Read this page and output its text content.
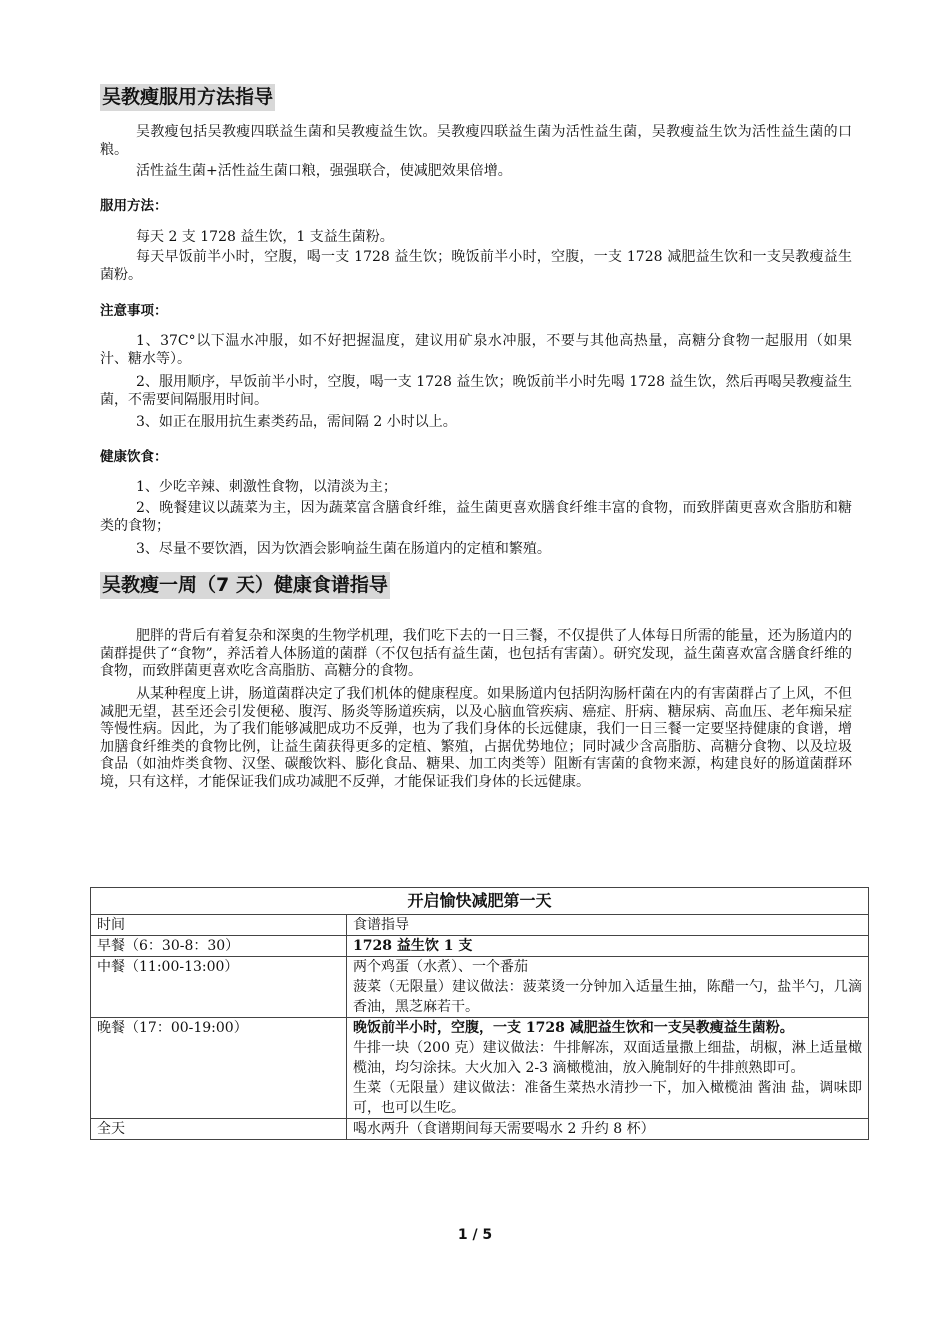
吴教瘦服用方法指导

吴教瘦包括吴教瘦四联益生菌和吴教瘦益生饮。吴教瘦四联益生菌为活性益生菌，吴教瘦益生饮为活性益生菌的口粮。

活性益生菌+活性益生菌口粮，强强联合，使减肥效果倍增。

服用方法：

每天 2 支 1728 益生饮，1 支益生菌粉。

每天早饭前半小时，空腹，喝一支 1728 益生饮；晚饭前半小时，空腹，一支 1728 减肥益生饮和一支吴教瘦益生菌粉。

注意事项：

1、37C°以下温水冲服，如不好把握温度，建议用矿泉水冲服，不要与其他高热量，高糖分食物一起服用（如果汁、糖水等）。

2、服用顺序，早饭前半小时，空腹，喝一支 1728 益生饮；晚饭前半小时先喝 1728 益生饮，然后再喝吴教瘦益生菌，不需要间隔服用时间。

3、如正在服用抗生素类药品，需间隔 2 小时以上。

健康饮食：

1、少吃辛辣、刺激性食物，以清淡为主；

2、晚餐建议以蔬菜为主，因为蔬菜富含膳食纤维，益生菌更喜欢膳食纤维丰富的食物，而致胖菌更喜欢含脂肪和糖类的食物；

3、尽量不要饮酒，因为饮酒会影响益生菌在肠道内的定植和繁殖。

吴教瘦一周（7 天）健康食谱指导

肥胖的背后有着复杂和深奥的生物学机理，我们吃下去的一日三餐，不仅提供了人体每日所需的能量，还为肠道内的菌群提供了“食物”，养活着人体肠道的菌群（不仅包括有益生菌，也包括有害菌）。研究发现，益生菌喜欢富含膳食纤维的食物，而致胖菌更喜欢吃含高脂肪、高糖分的食物。

从某种程度上讲，肠道菌群决定了我们机体的健康程度。如果肠道内包括阴沟肠杆菌在内的有害菌群占了上风，不但减肥无望，甚至还会引发便秘、腹泻、肠炎等肠道疾病，以及心脑血管疾病、癌症、肝病、糖尿病、高血压、老年痴呆症等慢性病。因此，为了我们能够减肥成功不反弹，也为了我们身体的长远健康，我们一日三餐一定要坚持健康的食谱，增加膳食纤维类的食物比例，让益生菌获得更多的定植、繁殖，占据优势地位；同时减少含高脂肪、高糖分食物、以及垃圾食品（如油炸类食物、汉堡、碳酸饮料、膨化食品、糖果、加工肉类等）阻断有害菌的食物来源，构建良好的肠道菌群环境，只有这样，才能保证我们成功减肥不反弹，才能保证我们身体的长远健康。

开启愉快减肥第一天	
时间	食谱指导
早餐（6：30-8：30）	1728 益生饮 1 支
中餐（11:00-13:00）	两个鸡蛋（水煮）、一个番茄

菠菜（无限量）建议做法：菠菜烫一分钟加入适量生抽，陈醋一勺，盐半勺，几滴香油，黑芝麻若干。

晚餐（17：00-19:00）	晚饭前半小时，空腹，一支 1728 减肥益生饮和一支吴教瘦益生菌粉。

牛排一块（200 克）建议做法：牛排解冻，双面适量撒上细盐，胡椒，淋上适量橄榄油，均匀涂抹。大火加入 2-3 滴橄榄油，放入腌制好的牛排煎熟即可。

生菜（无限量）建议做法：准备生菜热水清抄一下，加入橄榄油 酱油 盐，调味即可，也可以生吃。

全天	喝水两升（食谱期间每天需要喝水 2 升约 8 杯）
1 / 5
